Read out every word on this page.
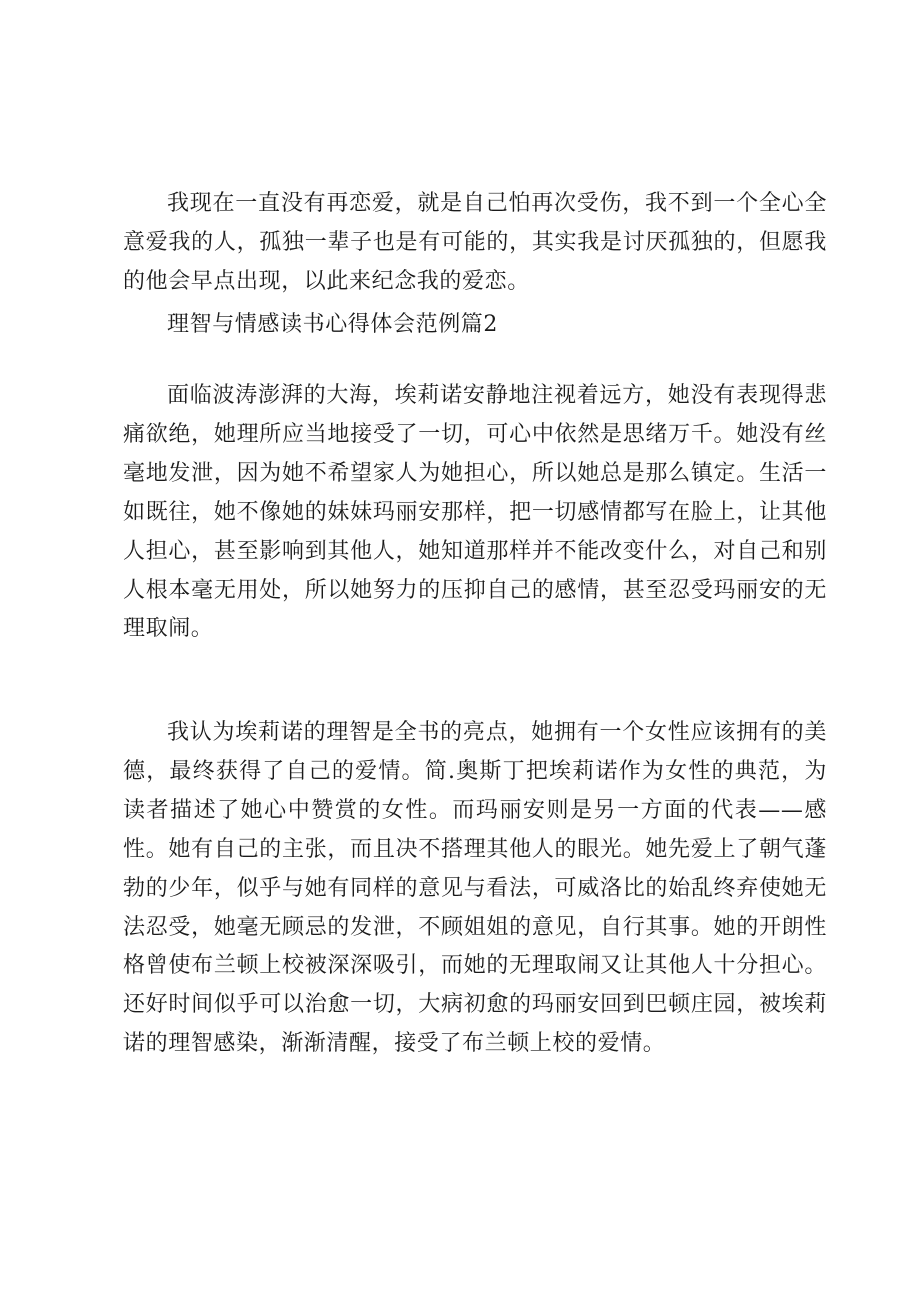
我现在一直没有再恋爱，就是自己怕再次受伤，我不到一个全心全意爱我的人，孤独一辈子也是有可能的，其实我是讨厌孤独的，但愿我的他会早点出现，以此来纪念我的爱恋。

理智与情感读书心得体会范例篇2

面临波涛澎湃的大海，埃莉诺安静地注视着远方，她没有表现得悲痛欲绝，她理所应当地接受了一切，可心中依然是思绪万千。她没有丝毫地发泄，因为她不希望家人为她担心，所以她总是那么镇定。生活一如既往，她不像她的妹妹玛丽安那样，把一切感情都写在脸上，让其他人担心，甚至影响到其他人，她知道那样并不能改变什么，对自己和别人根本毫无用处，所以她努力的压抑自己的感情，甚至忍受玛丽安的无理取闹。

我认为埃莉诺的理智是全书的亮点，她拥有一个女性应该拥有的美德，最终获得了自己的爱情。简.奥斯丁把埃莉诺作为女性的典范，为读者描述了她心中赞赏的女性。而玛丽安则是另一方面的代表——感性。她有自己的主张，而且决不搭理其他人的眼光。她先爱上了朝气蓬勃的少年，似乎与她有同样的意见与看法，可威洛比的始乱终弃使她无法忍受，她毫无顾忌的发泄，不顾姐姐的意见，自行其事。她的开朗性格曾使布兰顿上校被深深吸引，而她的无理取闹又让其他人十分担心。还好时间似乎可以治愈一切，大病初愈的玛丽安回到巴顿庄园，被埃莉诺的理智感染，渐渐清醒，接受了布兰顿上校的爱情。
